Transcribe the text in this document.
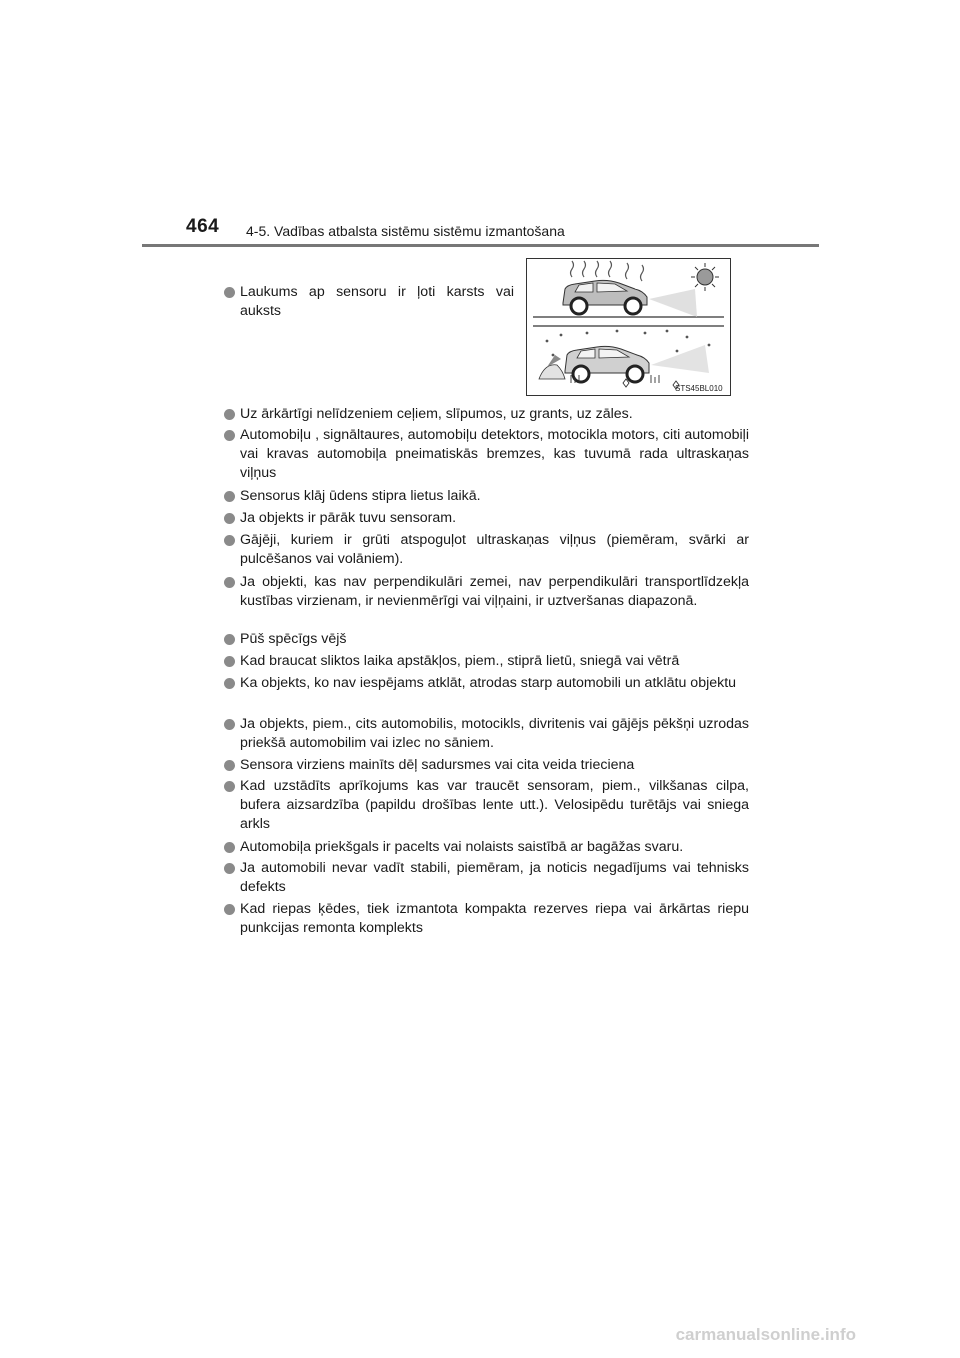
464 4-5. Vadības atbalsta sistēmu sistēmu izmantošana
Laukums ap sensoru ir ļoti karsts vai auksts
STS45BL010
Uz ārkārtīgi nelīdzeniem ceļiem, slīpumos, uz grants, uz zāles.
Automobiļu , signāltaures, automobiļu detektors, motocikla motors, citi automobiļi vai kravas automobiļa pneimatiskās bremzes, kas tuvumā rada ultraskaņas viļņus
Sensorus klāj ūdens stipra lietus laikā.
Ja objekts ir pārāk tuvu sensoram.
Gājēji, kuriem ir grūti atspoguļot ultraskaņas viļņus (piemēram, svārki ar pulcēšanos vai volāniem).
Ja objekti, kas nav perpendikulāri zemei, nav perpendikulāri transportlīdzekļa kustības virzienam, ir nevienmērīgi vai viļņaini, ir uztveršanas diapazonā.
Pūš spēcīgs vējš
Kad braucat sliktos laika apstākļos, piem., stiprā lietū, sniegā vai vētrā
Ka objekts, ko nav iespējams atklāt, atrodas starp automobili un atklātu objektu
Ja objekts, piem., cits automobilis, motocikls, divritenis vai gājējs pēkšņi uzrodas priekšā automobilim vai izlec no sāniem.
Sensora virziens mainīts dēļ sadursmes vai cita veida trieciena
Kad uzstādīts aprīkojums kas var traucēt sensoram, piem., vilkšanas cilpa, bufera aizsardzība (papildu drošības lente utt.). Velosipēdu turētājs vai sniega arkls
Automobiļa priekšgals ir pacelts vai nolaists saistībā ar bagāžas svaru.
Ja automobili nevar vadīt stabili, piemēram, ja noticis negadījums vai tehnisks defekts
Kad riepas ķēdes, tiek izmantota kompakta rezerves riepa vai ārkārtas riepu punkcijas remonta komplekts
carmanualsonline.info
